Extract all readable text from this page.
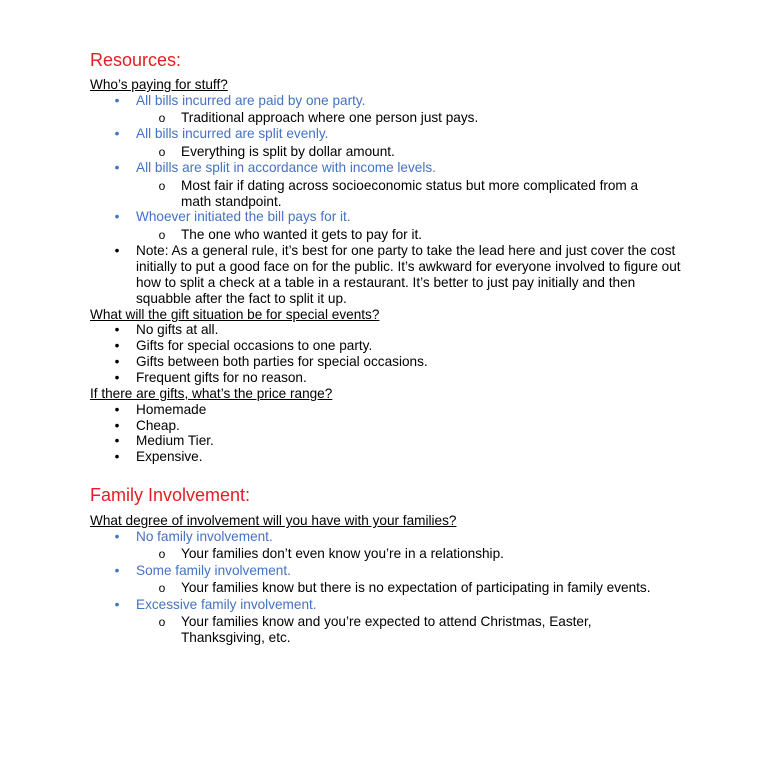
Resources:
Who’s paying for stuff?
•	All bills incurred are paid by one party.
o Traditional approach where one person just pays.
•	All bills incurred are split evenly.
o Everything is split by dollar amount.
•	All bills are split in accordance with income levels.
o Most fair if dating across socioeconomic status but more complicated from a math standpoint.
•	Whoever initiated the bill pays for it.
o The one who wanted it gets to pay for it.
•	Note: As a general rule, it’s best for one party to take the lead here and just cover the cost initially to put a good face on for the public. It’s awkward for everyone involved to figure out how to split a check at a table in a restaurant. It’s better to just pay initially and then squabble after the fact to split it up.
What will the gift situation be for special events?
•	No gifts at all.
•	Gifts for special occasions to one party.
•	Gifts between both parties for special occasions.
•	Frequent gifts for no reason.
If there are gifts, what’s the price range?
•	Homemade
•	Cheap.
•	Medium Tier.
•	Expensive.
Family Involvement:
What degree of involvement will you have with your families?
•	No family involvement.
o Your families don’t even know you’re in a relationship.
•	Some family involvement.
o Your families know but there is no expectation of participating in family events.
•	Excessive family involvement.
o Your families know and you’re expected to attend Christmas, Easter, Thanksgiving, etc.
